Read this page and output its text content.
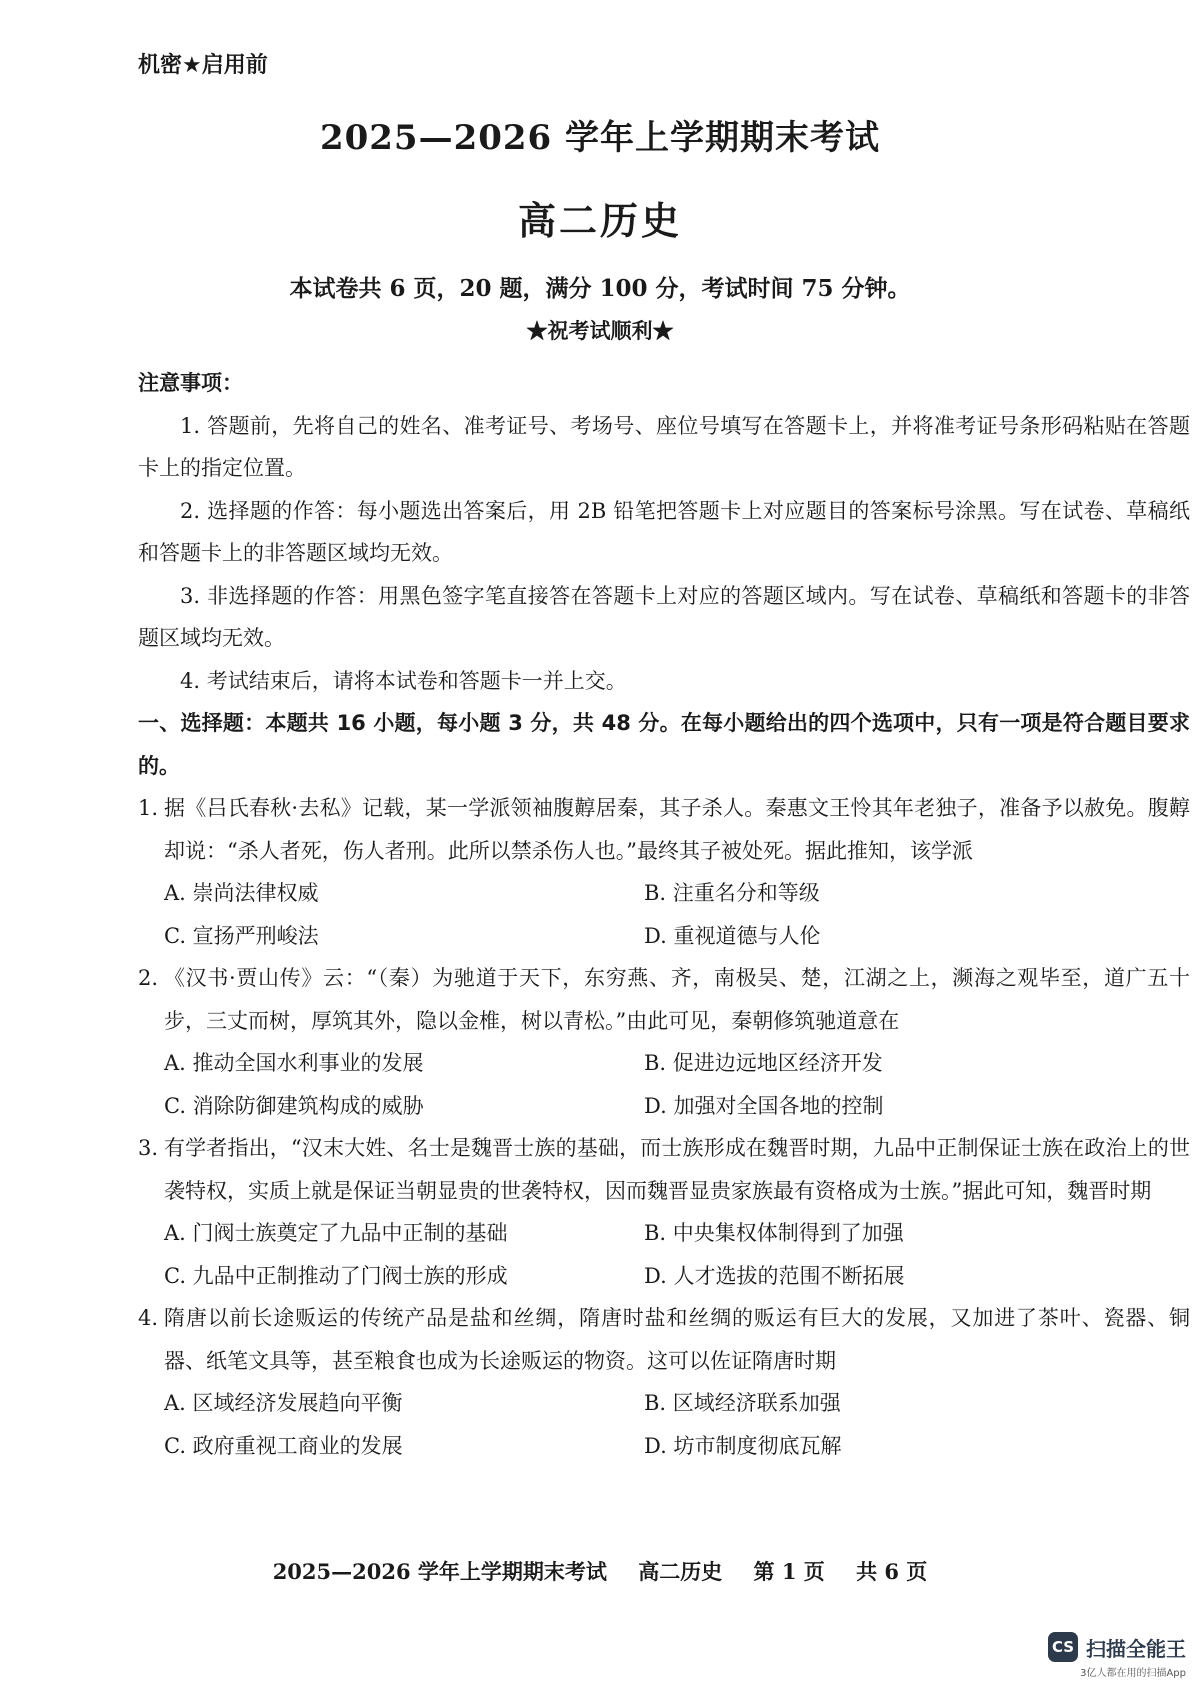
机密★启用前
2025—2026 学年上学期期末考试
高二历史
本试卷共 6 页，20 题，满分 100 分，考试时间 75 分钟。
★祝考试顺利★

注意事项：

1. 答题前，先将自己的姓名、准考证号、考场号、座位号填写在答题卡上，并将准考证号条形码粘贴在答题卡上的指定位置。

2. 选择题的作答：每小题选出答案后，用 2B 铅笔把答题卡上对应题目的答案标号涂黑。写在试卷、草稿纸和答题卡上的非答题区域均无效。

3. 非选择题的作答：用黑色签字笔直接答在答题卡上对应的答题区域内。写在试卷、草稿纸和答题卡的非答题区域均无效。

4. 考试结束后，请将本试卷和答题卡一并上交。

一、选择题：本题共 16 小题，每小题 3 分，共 48 分。在每小题给出的四个选项中，只有一项是符合题目要求的。

1. 据《吕氏春秋·去私》记载，某一学派领袖腹䵍居秦，其子杀人。秦惠文王怜其年老独子，准备予以赦免。腹䵍却说：“杀人者死，伤人者刑。此所以禁杀伤人也。”最终其子被处死。据此推知，该学派
A. 崇尚法律权威	B. 注重名分和等级
C. 宣扬严刑峻法	D. 重视道德与人伦
2. 《汉书·贾山传》云：“（秦）为驰道于天下，东穷燕、齐，南极吴、楚，江湖之上，濒海之观毕至，道广五十步，三丈而树，厚筑其外，隐以金椎，树以青松。”由此可见，秦朝修筑驰道意在
A. 推动全国水利事业的发展	B. 促进边远地区经济开发
C. 消除防御建筑构成的威胁	D. 加强对全国各地的控制
3. 有学者指出，“汉末大姓、名士是魏晋士族的基础，而士族形成在魏晋时期，九品中正制保证士族在政治上的世袭特权，实质上就是保证当朝显贵的世袭特权，因而魏晋显贵家族最有资格成为士族。”据此可知，魏晋时期
A. 门阀士族奠定了九品中正制的基础	B. 中央集权体制得到了加强
C. 九品中正制推动了门阀士族的形成	D. 人才选拔的范围不断拓展
4. 隋唐以前长途贩运的传统产品是盐和丝绸，隋唐时盐和丝绸的贩运有巨大的发展，又加进了茶叶、瓷器、铜器、纸笔文具等，甚至粮食也成为长途贩运的物资。这可以佐证隋唐时期
A. 区域经济发展趋向平衡	B. 区域经济联系加强
C. 政府重视工商业的发展	D. 坊市制度彻底瓦解
2025—2026 学年上学期期末考试 高二历史 第 1 页 共 6 页
CS 扫描全能王
3亿人都在用的扫描App
